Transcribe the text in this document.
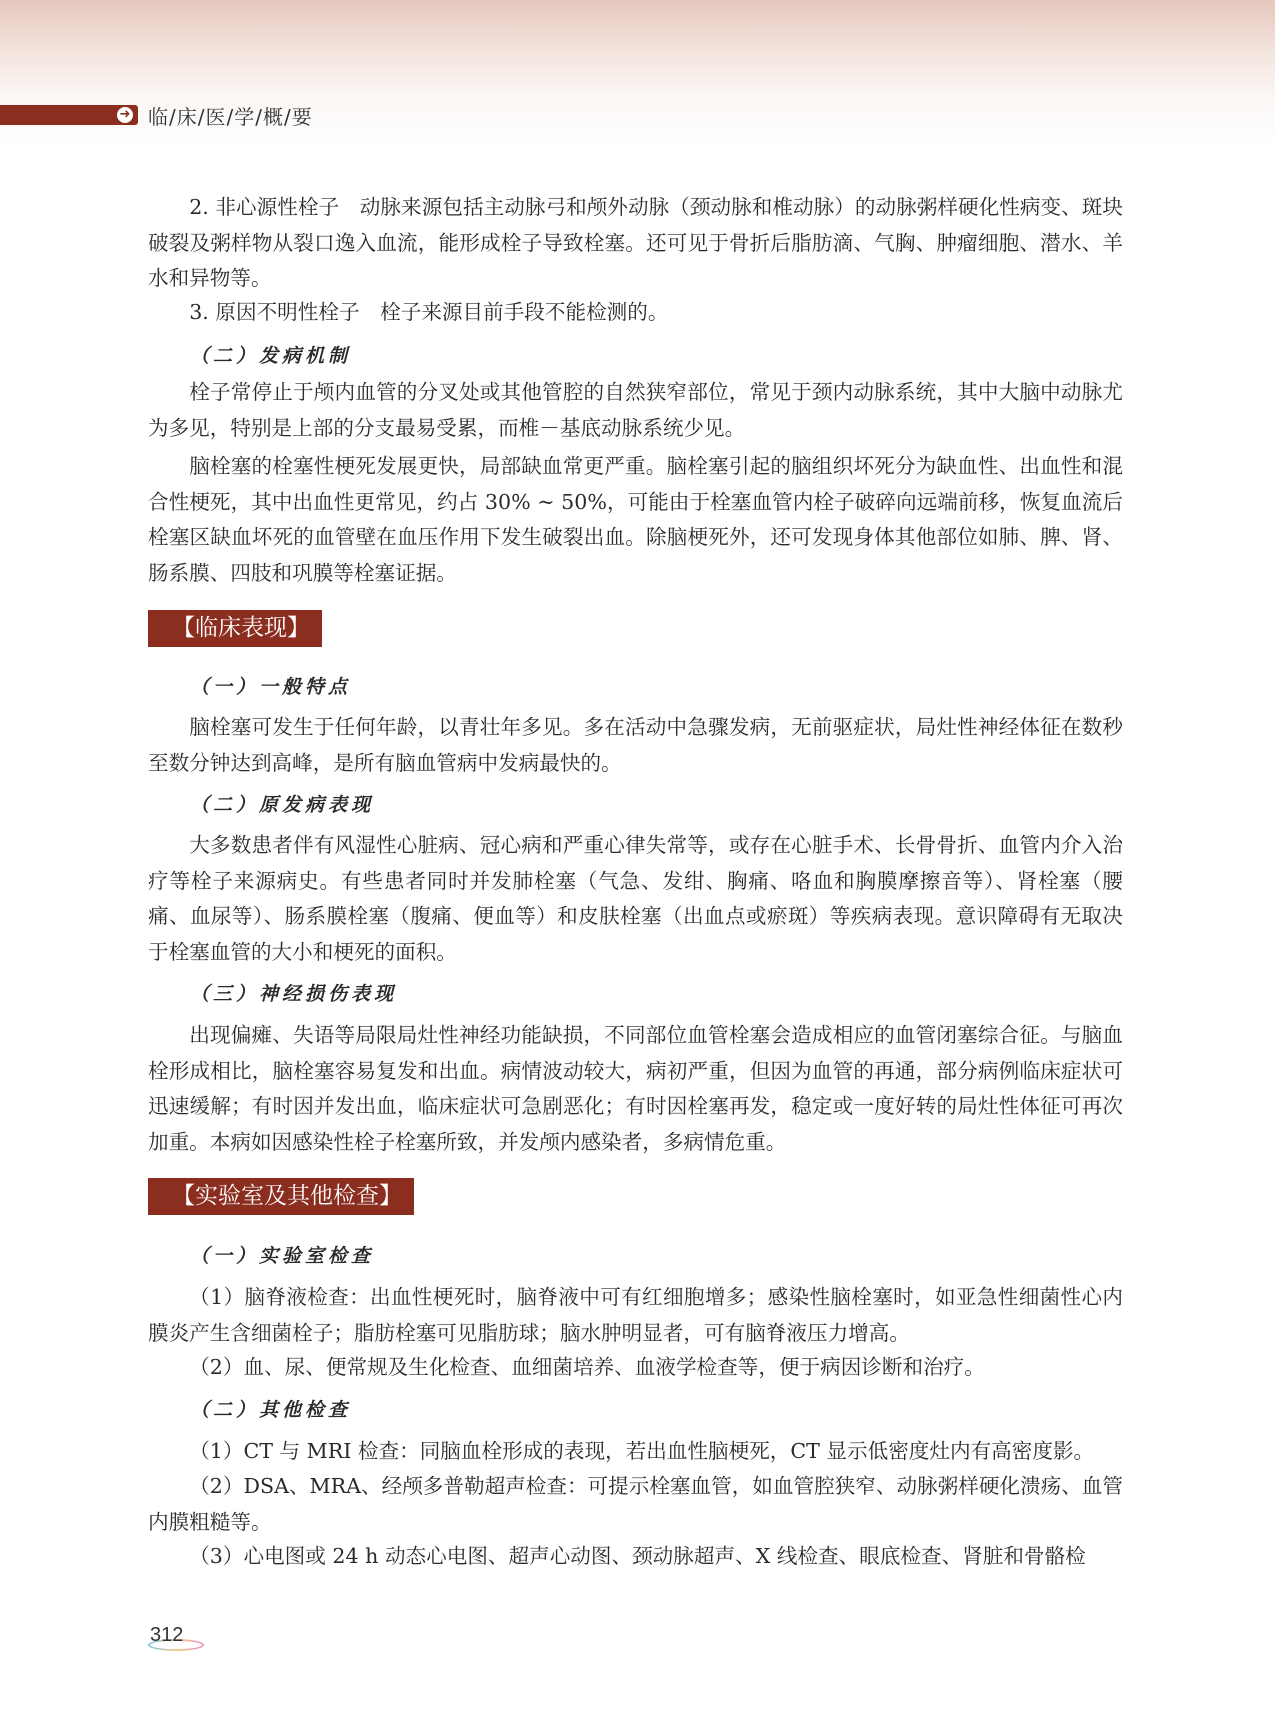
➜ 临/床/医/学/概/要
2. 非心源性栓子　动脉来源包括主动脉弓和颅外动脉（颈动脉和椎动脉）的动脉粥样硬化性病变、斑块破裂及粥样物从裂口逸入血流，能形成栓子导致栓塞。还可见于骨折后脂肪滴、气胸、肿瘤细胞、潜水、羊水和异物等。
3. 原因不明性栓子　栓子来源目前手段不能检测的。
（二）发病机制
栓子常停止于颅内血管的分叉处或其他管腔的自然狭窄部位，常见于颈内动脉系统，其中大脑中动脉尤为多见，特别是上部的分支最易受累，而椎－基底动脉系统少见。
脑栓塞的栓塞性梗死发展更快，局部缺血常更严重。脑栓塞引起的脑组织坏死分为缺血性、出血性和混合性梗死，其中出血性更常见，约占 30% ~ 50%，可能由于栓塞血管内栓子破碎向远端前移，恢复血流后栓塞区缺血坏死的血管壁在血压作用下发生破裂出血。除脑梗死外，还可发现身体其他部位如肺、脾、肾、肠系膜、四肢和巩膜等栓塞证据。
【临床表现】
（一）一般特点
脑栓塞可发生于任何年龄，以青壮年多见。多在活动中急骤发病，无前驱症状，局灶性神经体征在数秒至数分钟达到高峰，是所有脑血管病中发病最快的。
（二）原发病表现
大多数患者伴有风湿性心脏病、冠心病和严重心律失常等，或存在心脏手术、长骨骨折、血管内介入治疗等栓子来源病史。有些患者同时并发肺栓塞（气急、发绀、胸痛、咯血和胸膜摩擦音等）、肾栓塞（腰痛、血尿等）、肠系膜栓塞（腹痛、便血等）和皮肤栓塞（出血点或瘀斑）等疾病表现。意识障碍有无取决于栓塞血管的大小和梗死的面积。
（三）神经损伤表现
出现偏瘫、失语等局限局灶性神经功能缺损，不同部位血管栓塞会造成相应的血管闭塞综合征。与脑血栓形成相比，脑栓塞容易复发和出血。病情波动较大，病初严重，但因为血管的再通，部分病例临床症状可迅速缓解；有时因并发出血，临床症状可急剧恶化；有时因栓塞再发，稳定或一度好转的局灶性体征可再次加重。本病如因感染性栓子栓塞所致，并发颅内感染者，多病情危重。
【实验室及其他检查】
（一）实验室检查
（1）脑脊液检查：出血性梗死时，脑脊液中可有红细胞增多；感染性脑栓塞时，如亚急性细菌性心内膜炎产生含细菌栓子；脂肪栓塞可见脂肪球；脑水肿明显者，可有脑脊液压力增高。
（2）血、尿、便常规及生化检查、血细菌培养、血液学检查等，便于病因诊断和治疗。
（二）其他检查
（1）CT 与 MRI 检查：同脑血栓形成的表现，若出血性脑梗死，CT 显示低密度灶内有高密度影。
（2）DSA、MRA、经颅多普勒超声检查：可提示栓塞血管，如血管腔狭窄、动脉粥样硬化溃疡、血管内膜粗糙等。
（3）心电图或 24 h 动态心电图、超声心动图、颈动脉超声、X 线检查、眼底检查、肾脏和骨骼检
312
